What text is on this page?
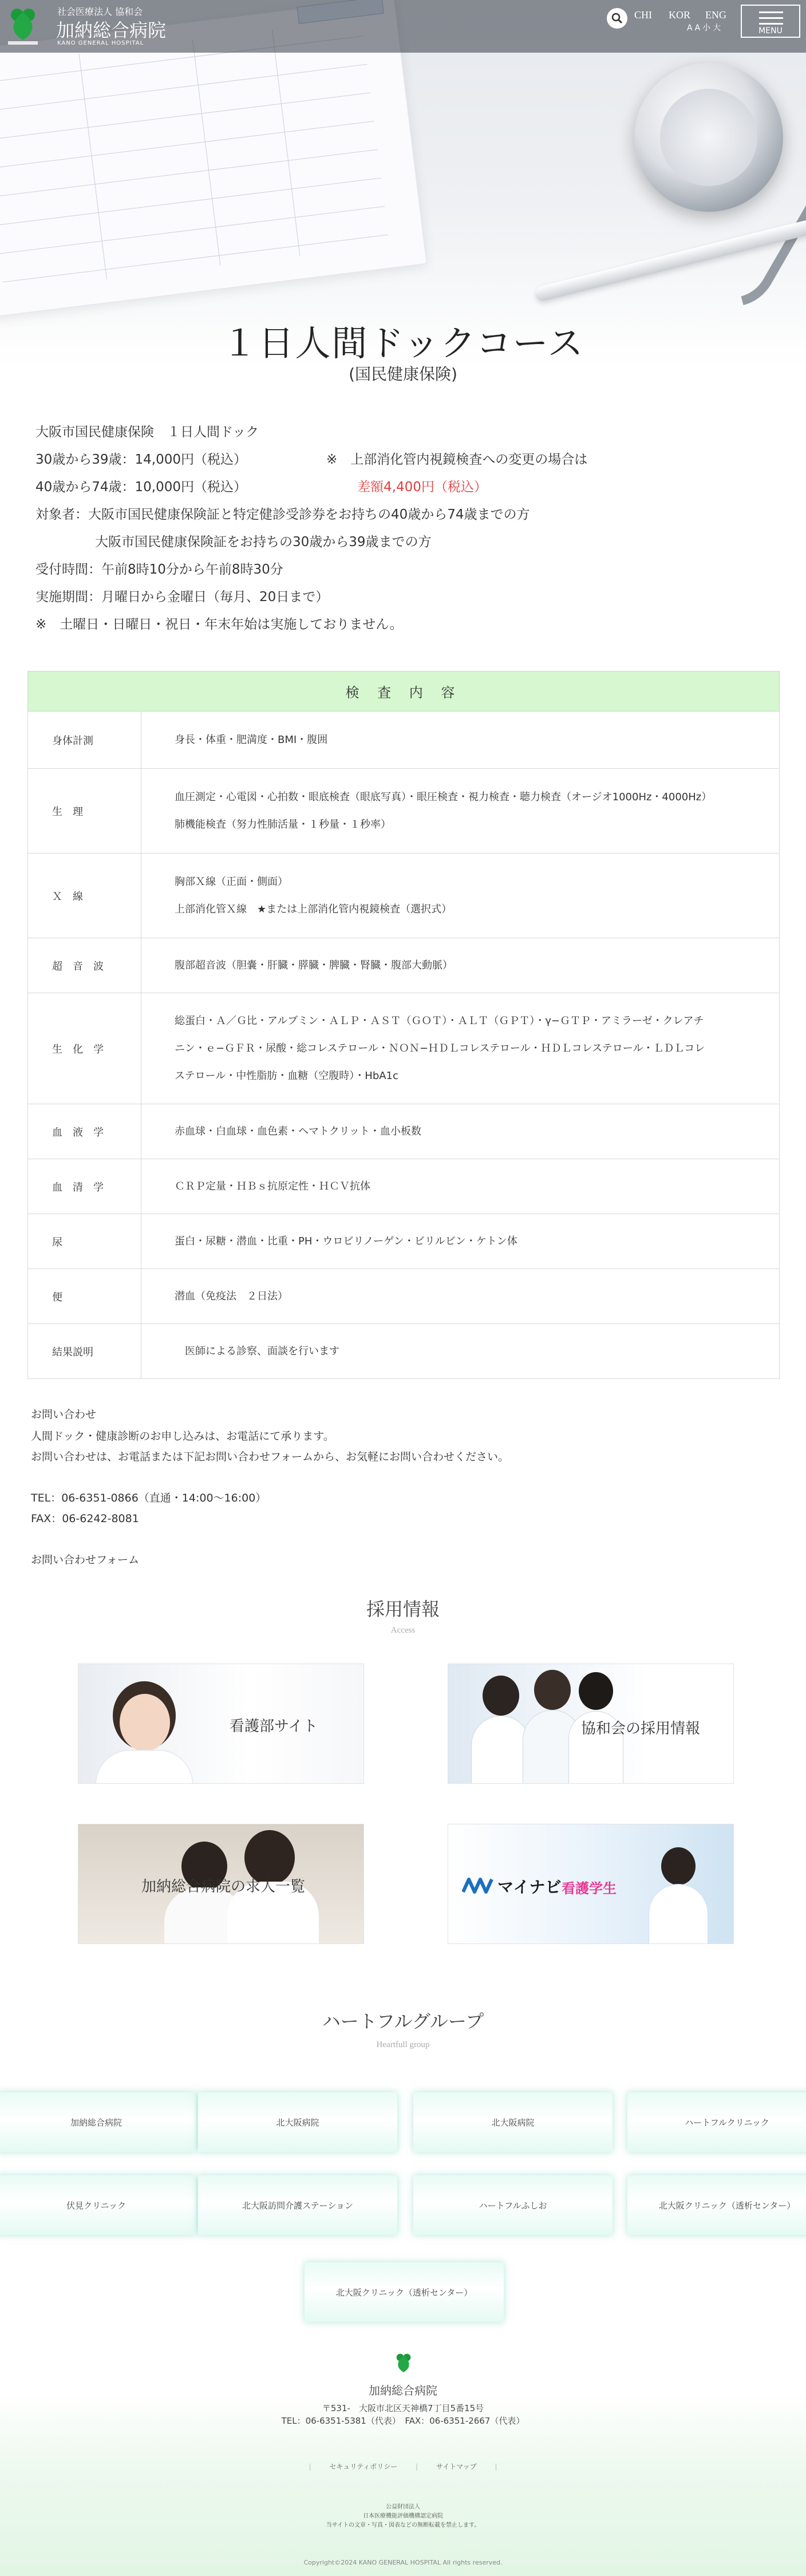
社会医療法人 協和会
加納総合病院
KANO GENERAL HOSPITAL
CHI KOR ENG
A A 小 大	MENU
１日人間ドックコース
(国民健康保険)
大阪市国民健康保険　１日人間ドック
30歳から39歳：14,000円（税込）	※　上部消化管内視鏡検査への変更の場合は
40歳から74歳：10,000円（税込）	差額4,400円（税込）
対象者：大阪市国民健康保険証と特定健診受診券をお持ちの40歳から74歳までの方
大阪市国民健康保険証をお持ちの30歳から39歳までの方
受付時間：午前8時10分から午前8時30分
実施期間：月曜日から金曜日（毎月、20日まで）
※　土曜日・日曜日・祝日・年末年始は実施しておりません。
検 査 内 容	
身体計測	身長・体重・肥満度・BMI・腹囲

生　理	血圧測定・心電図・心拍数・眼底検査（眼底写真）・眼圧検査・視力検査・聴力検査（オージオ1000Hz・4000Hz）
肺機能検査（努力性肺活量・１秒量・１秒率）

Ｘ　線	胸部Ｘ線（正面・側面）
上部消化管Ｘ線　★または上部消化管内視鏡検査（選択式）

超　音　波	腹部超音波（胆嚢・肝臓・膵臓・脾臓・腎臓・腹部大動脈）

生　化　学	総蛋白・Ａ／Ｇ比・アルブミン・ＡＬＰ・ＡＳＴ（ＧＯＴ）・ＡＬＴ（ＧＰＴ）・γ−ＧＴＰ・アミラーゼ・クレアチ
ニン・ｅ−ＧＦＲ・尿酸・総コレステロール・ＮＯＮ−ＨＤＬコレステロール・ＨＤＬコレステロール・ＬＤＬコレ
ステロール・中性脂肪・血糖（空腹時）・HbA1c

血　液　学	赤血球・白血球・血色素・ヘマトクリット・血小板数

血　清　学	ＣＲＰ定量・ＨＢｓ抗原定性・ＨＣＶ抗体

尿	蛋白・尿糖・潜血・比重・PH・ウロビリノーゲン・ビリルビン・ケトン体

便	潜血（免疫法　２日法）

結果説明	　医師による診察、面談を行います
お問い合わせ
人間ドック・健康診断のお申し込みは、お電話にて承ります。
お問い合わせは、お電話または下記お問い合わせフォームから、お気軽にお問い合わせください。
TEL：06-6351-0866（直通・14:00〜16:00）
FAX：06-6242-8081
お問い合わせフォーム
採用情報
Access
看護部サイト	協和会の採用情報
加納総合病院の求人一覧	マイナビ 看護学生
ハートフルグループ
Heartfull group
加納総合病院	北大阪病院	北大阪病院	ハートフルクリニック
伏見クリニック	北大阪訪問介護ステーション	ハートフルふしお	北大阪クリニック（透析センター）
北大阪クリニック（透析センター）
加納総合病院
〒531-　大阪市北区天神橋7丁目5番15号
TEL：06-6351-5381（代表）　FAX：06-6351-2667（代表）
|	セキュリティポリシー	|	サイトマップ	|
公益財団法人
日本医療機能評価機構認定病院
当サイトの文章・写真・図表などの無断転載を禁止します。
Copyright©2024 KANO GENERAL HOSPITAL All rights reserved.
